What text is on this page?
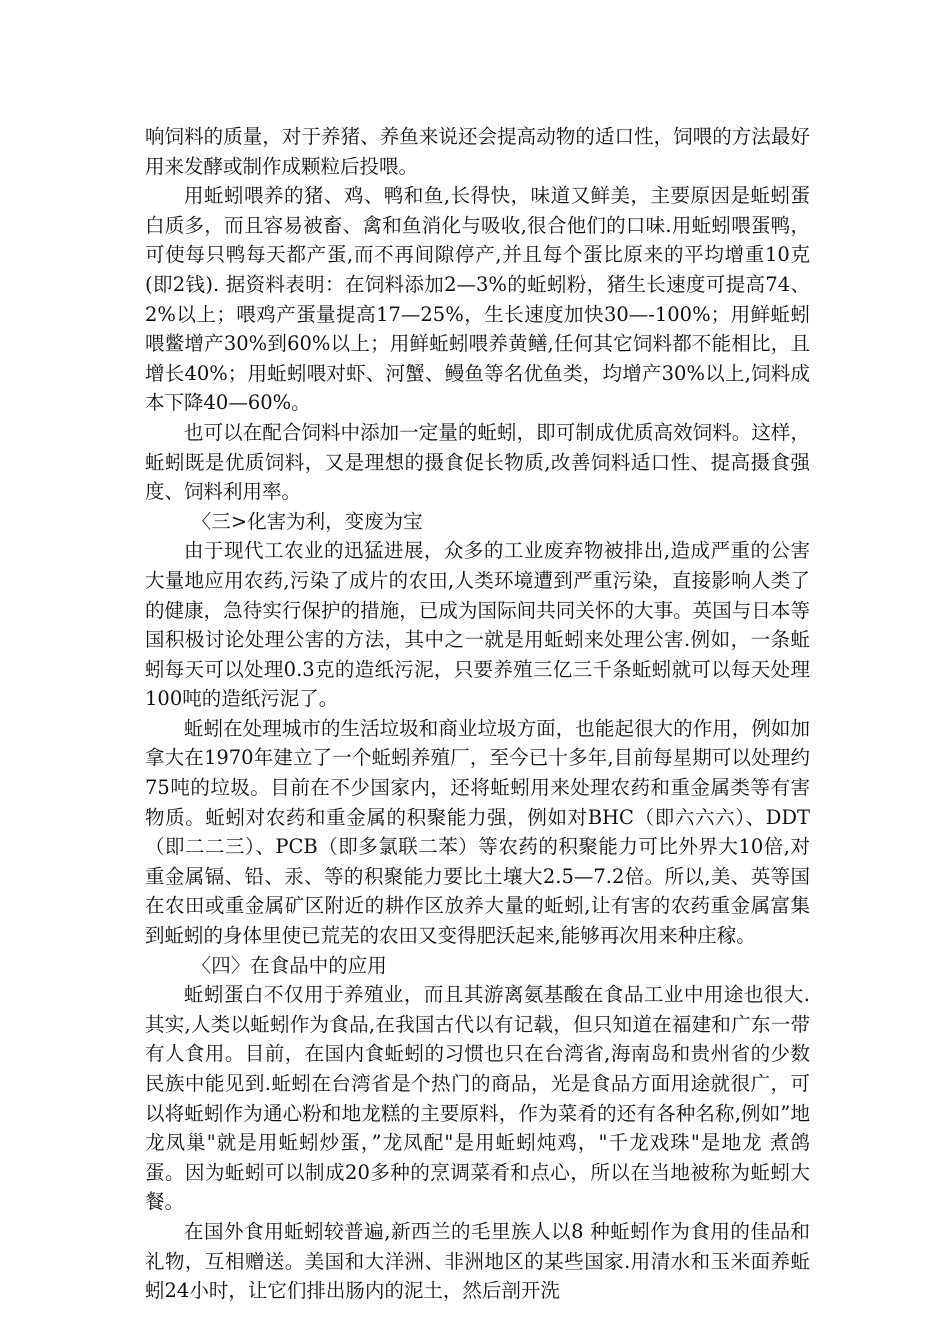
响饲料的质量，对于养猪、养鱼来说还会提高动物的适口性，饲喂的方法最好用来发酵或制作成颗粒后投喂。

用蚯蚓喂养的猪、鸡、鸭和鱼,长得快，味道又鲜美，主要原因是蚯蚓蛋白质多，而且容易被畜、禽和鱼消化与吸收,很合他们的口味.用蚯蚓喂蛋鸭，可使每只鸭每天都产蛋,而不再间隙停产,并且每个蛋比原来的平均增重10克(即2钱). 据资料表明：在饲料添加2—3%的蚯蚓粉，猪生长速度可提高74、2%以上；喂鸡产蛋量提高17—25%，生长速度加快30—-100%；用鲜蚯蚓喂鳖增产30%到60%以上；用鲜蚯蚓喂养黄鳝,任何其它饲料都不能相比，且增长40%；用蚯蚓喂对虾、河蟹、鳗鱼等名优鱼类，均增产30%以上,饲料成本下降40—60%。

也可以在配合饲料中添加一定量的蚯蚓，即可制成优质高效饲料。这样，蚯蚓既是优质饲料，又是理想的摄食促长物质,改善饲料适口性、提高摄食强度、饲料利用率。

〈三>化害为利，变废为宝

由于现代工农业的迅猛进展，众多的工业废弃物被排出,造成严重的公害大量地应用农药,污染了成片的农田,人类环境遭到严重污染，直接影响人类了的健康，急待实行保护的措施，已成为国际间共同关怀的大事。英国与日本等国积极讨论处理公害的方法，其中之一就是用蚯蚓来处理公害.例如，一条蚯蚓每天可以处理0.3克的造纸污泥，只要养殖三亿三千条蚯蚓就可以每天处理 100吨的造纸污泥了。

蚯蚓在处理城市的生活垃圾和商业垃圾方面，也能起很大的作用，例如加拿大在1970年建立了一个蚯蚓养殖厂，至今已十多年,目前每星期可以处理约75吨的垃圾。目前在不少国家内，还将蚯蚓用来处理农药和重金属类等有害物质。蚯蚓对农药和重金属的积聚能力强，例如对BHC（即六六六）、DDT（即二二三）、PCB（即多氯联二苯）等农药的积聚能力可比外界大10倍,对重金属镉、铅、汞、等的积聚能力要比土壤大2.5—7.2倍。所以,美、英等国在农田或重金属矿区附近的耕作区放养大量的蚯蚓,让有害的农药重金属富集到蚯蚓的身体里使已荒芜的农田又变得肥沃起来,能够再次用来种庄稼。

〈四〉在食品中的应用

蚯蚓蛋白不仅用于养殖业，而且其游离氨基酸在食品工业中用途也很大.其实,人类以蚯蚓作为食品,在我国古代以有记载，但只知道在福建和广东一带有人食用。目前，在国内食蚯蚓的习惯也只在台湾省,海南岛和贵州省的少数民族中能见到.蚯蚓在台湾省是个热门的商品，光是食品方面用途就很广，可以将蚯蚓作为通心粉和地龙糕的主要原料，作为菜肴的还有各种名称,例如”地龙凤巢"就是用蚯蚓炒蛋，”龙凤配"是用蚯蚓炖鸡，"千龙戏珠"是地龙 煮鸽蛋。因为蚯蚓可以制成20多种的烹调菜肴和点心，所以在当地被称为蚯蚓大餐。

在国外食用蚯蚓较普遍,新西兰的毛里族人以8 种蚯蚓作为食用的佳品和礼物，互相赠送。美国和大洋洲、非洲地区的某些国家.用清水和玉米面养蚯蚓24小时，让它们排出肠内的泥土，然后剖开洗
